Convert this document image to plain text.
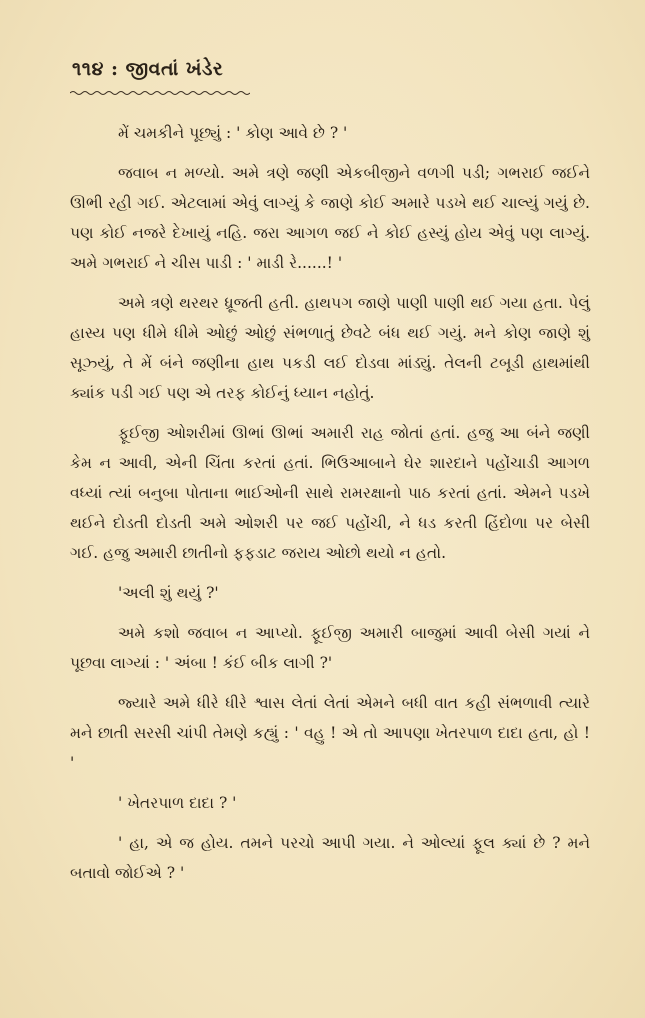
૧૧૪ : જીવતાં ખંડેર

મેં ચમકીને પૂછ્યું : ' કોણ આવે છે ? '

જવાબ ન મળ્યો. અમે ત્રણે જણી એકબીજીને વળગી પડી; ગભરાઈ જઈને ઊભી રહી ગઈ. એટલામાં એવું લાગ્યું કે જાણે કોઈ અમારે પડખે થઈ ચાલ્યું ગયું છે. પણ કોઈ નજરે દેખાયું નહિ. જરા આગળ જઈ ને કોઈ હસ્યું હોય એવું પણ લાગ્યું. અમે ગભરાઈ ને ચીસ પાડી : ' માડી રે......! '

અમે ત્રણે થરથર ધ્રૂજતી હતી. હાથપગ જાણે પાણી પાણી થઈ ગયા હતા. પેલું હાસ્ય પણ ધીમે ધીમે ઓછું ઓછું સંભળાતું છેવટે બંધ થઈ ગયું. મને કોણ જાણે શું સૂઝ્યું, તે મેં બંને જણીના હાથ પકડી લઈ દોડવા માંડ્યું. તેલની ટબૂડી હાથમાંથી ક્યાંક પડી ગઈ પણ એ તરફ કોઈનું ધ્યાન નહોતું.

ફૂઈજી ઓશરીમાં ઊભાં ઊભાં અમારી રાહ જોતાં હતાં. હજુ આ બંને જણી કેમ ન આવી, એની ચિંતા કરતાં હતાં. ભિઉઆબાને ઘેર શારદાને પહોંચાડી આગળ વધ્યાં ત્યાં બનુબા પોતાના ભાઈઓની સાથે રામરક્ષાનો પાઠ કરતાં હતાં. એમને પડખે થઈને દોડતી દોડતી અમે ઓશરી પર જઈ પહોંચી, ને ધડ કરતી હિંદોળા પર બેસી ગઈ. હજુ અમારી છાતીનો ફફડાટ જરાય ઓછો થયો ન હતો.

'અલી શું થયું ?'

અમે કશો જવાબ ન આપ્યો. ફૂઈજી અમારી બાજુમાં આવી બેસી ગયાં ને પૂછવા લાગ્યાં : ' અંબા ! કંઈ બીક લાગી ?'

જ્યારે અમે ધીરે ધીરે શ્વાસ લેતાં લેતાં એમને બધી વાત કહી સંભળાવી ત્યારે મને છાતી સરસી ચાંપી તેમણે કહ્યું : ' વહુ ! એ તો આપણા ખેતરપાળ દાદા હતા, હો ! '

' ખેતરપાળ દાદા ? '

' હા, એ જ હોય. તમને પરચો આપી ગયા. ને ઓલ્યાં ફૂલ ક્યાં છે ? મને બતાવો જોઈએ ? '
